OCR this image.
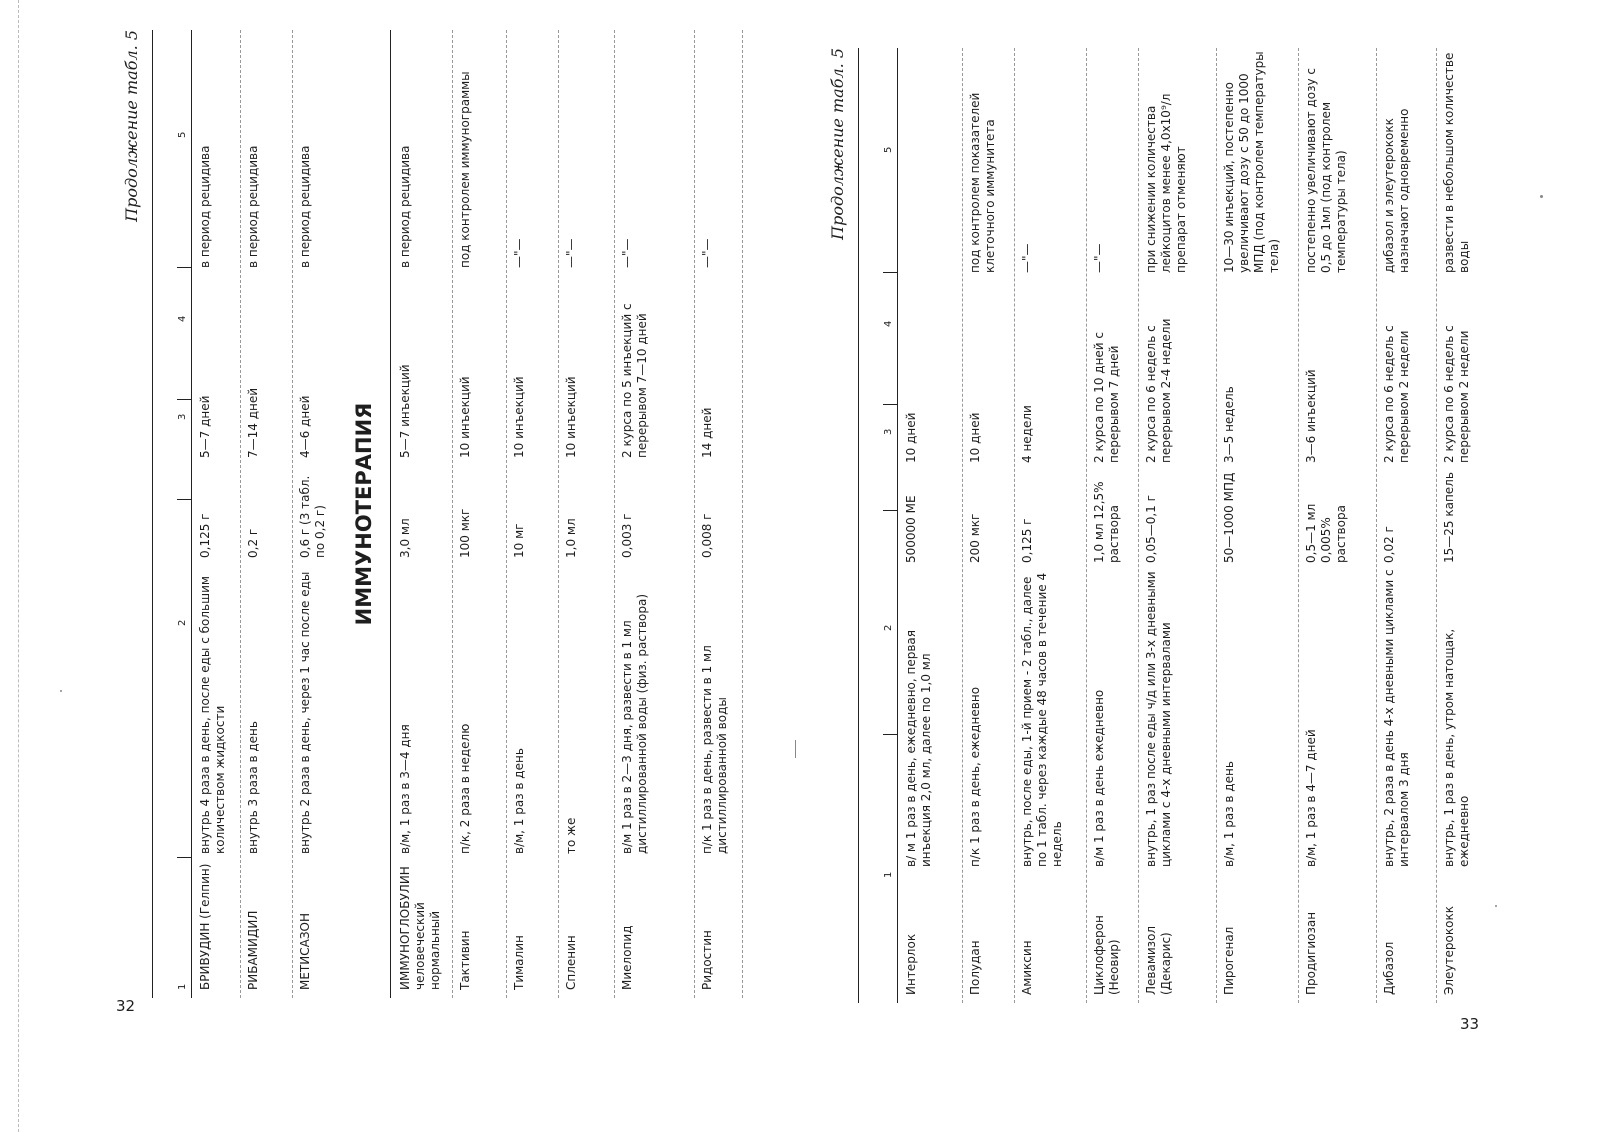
32
33
Продолжение табл. 5
1
2
3
4
5
БРИВУДИН (Гелпин)
внутрь 4 раза в день, после еды с большим количеством жидкости
0,125 г
5—7 дней
в период рецидива
РИБАМИДИЛ
внутрь 3 раза в день
0,2 г
7—14 дней
в период рецидива
МЕТИСАЗОН
внутрь 2 раза в день, через 1 час после еды
0,6 г (3 табл. по 0,2 г)
4—6 дней
в период рецидива
ИММУНОТЕРАПИЯ
ИММУНОГЛОБУЛИН человеческий нормальный
в/м, 1 раз в 3—4 дня
3,0 мл
5—7 инъекций
в период рецидива
Тактивин
п/к, 2 раза в неделю
100 мкг
10 инъекций
под контролем иммунограммы
Тималин
в/м, 1 раз в день
10 мг
10 инъекций
—"—
Спленин
то же
1,0 мл
10 инъекций
—"—
Миелопид
в/м 1 раз в 2—3 дня, развести в 1 мл дистиллированной воды (физ. раствора)
0,003 г
2 курса по 5 инъекций с перерывом 7—10 дней
—"—
Ридостин
п/к 1 раз в день, развести в 1 мл дистиллированной воды
0,008 г
14 дней
—"—
Продолжение табл. 5
1
2
3
4
5
Интерлок
в/ м 1 раз в день, ежедневно, первая инъекция 2,0 мл, далее по 1,0 мл
500000 МЕ
10 дней
Полудан
п/к 1 раз в день, ежедневно
200 мкг
10 дней
под контролем показателей клеточного иммунитета
Амиксин
внутрь, после еды, 1-й прием - 2 табл., далее по 1 табл. через каждые 48 часов в течение 4 недель
0,125 г
4 недели
—"—
Циклоферон (Неовир)
в/м 1 раз в день ежедневно
1,0 мл 12,5% раствора
2 курса по 10 дней с перерывом 7 дней
—"—
Левамизол (Декарис)
внутрь, 1 раз после еды ч/д или 3-х дневными циклами с 4-х дневными интервалами
0,05—0,1 г
2 курса по 6 недель с перерывом 2-4 недели
при снижении количества лейкоцитов менее 4,0х10⁹/л препарат отменяют
Пирогенал
в/м, 1 раз в день
50—1000 МПД
3—5 недель
10—30 инъекций, постепенно увеличивают дозу с 50 до 1000 МПД (под контролем температуры тела)
Продигиозан
в/м, 1 раз в 4—7 дней
0,5—1 мл 0,005% раствора
3—6 инъекций
постепенно увеличивают дозу с 0,5 до 1мл (под контролем температуры тела)
Дибазол
внутрь, 2 раза в день 4-х дневными циклами с интервалом 3 дня
0,02 г
2 курса по 6 недель с перерывом 2 недели
дибазол и элеутерококк назначают одновременно
Элеутерококк
внутрь, 1 раз в день, утром натощак, ежедневно
15—25 капель
2 курса по 6 недель с перерывом 2 недели
развести в небольшом количестве воды
